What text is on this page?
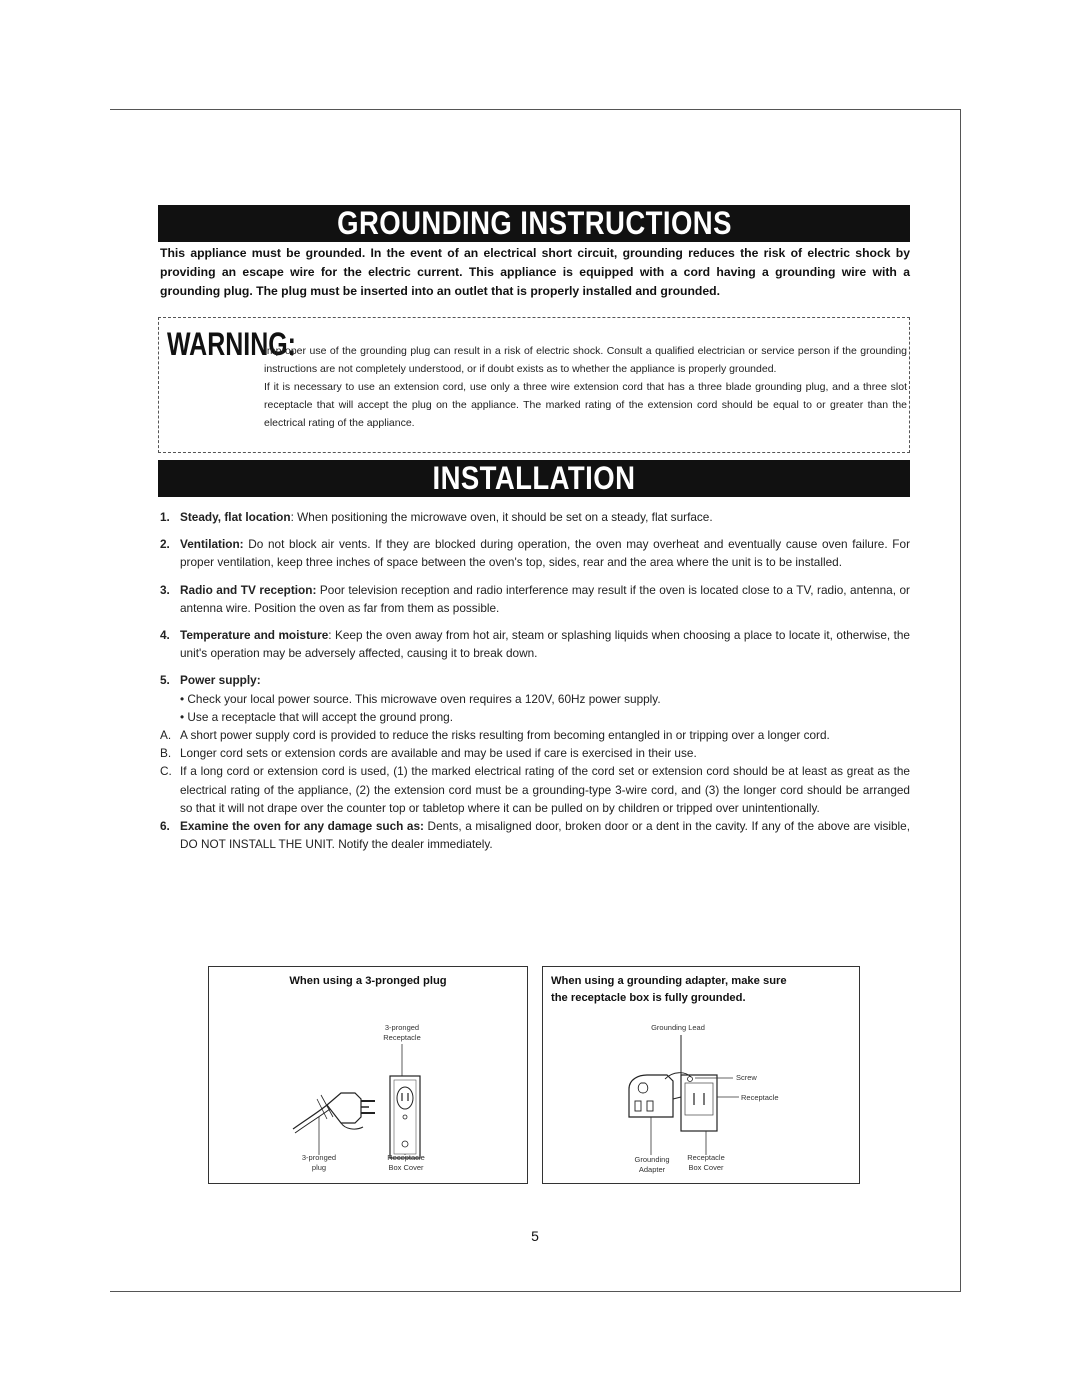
GROUNDING INSTRUCTIONS
This appliance must be grounded. In the event of an electrical short circuit, grounding reduces the risk of electric shock by providing an escape wire for the electric current. This appliance is equipped with a cord having a grounding wire with a grounding plug. The plug must be inserted into an outlet that is properly installed and grounded.
WARNING:

Improper use of the grounding plug can result in a risk of electric shock. Consult a qualified electrician or service person if the grounding instructions are not completely understood, or if doubt exists as to whether the appliance is properly grounded.

If it is necessary to use an extension cord, use only a three wire extension cord that has a three blade grounding plug, and a three slot receptacle that will accept the plug on the appliance. The marked rating of the extension cord should be equal to or greater than the electrical rating of the appliance.

INSTALLATION
1. Steady, flat location: When positioning the microwave oven, it should be set on a steady, flat surface.
2. Ventilation: Do not block air vents. If they are blocked during operation, the oven may overheat and eventually cause oven failure. For proper ventilation, keep three inches of space between the oven's top, sides, rear and the area where the unit is to be installed.
3. Radio and TV reception: Poor television reception and radio interference may result if the oven is located close to a TV, radio, antenna, or antenna wire. Position the oven as far from them as possible.
4. Temperature and moisture: Keep the oven away from hot air, steam or splashing liquids when choosing a place to locate it, otherwise, the unit's operation may be adversely affected, causing it to break down.
5. Power supply:
• Check your local power source. This microwave oven requires a 120V, 60Hz power supply.
• Use a receptacle that will accept the ground prong.
A. A short power supply cord is provided to reduce the risks resulting from becoming entangled in or tripping over a longer cord.
B. Longer cord sets or extension cords are available and may be used if care is exercised in their use.
C. If a long cord or extension cord is used, (1) the marked electrical rating of the cord set or extension cord should be at least as great as the electrical rating of the appliance, (2) the extension cord must be a grounding-type 3-wire cord, and (3) the longer cord should be arranged so that it will not drape over the counter top or tabletop where it can be pulled on by children or tripped over unintentionally.
6. Examine the oven for any damage such as: Dents, a misaligned door, broken door or a dent in the cavity. If any of the above are visible, DO NOT INSTALL THE UNIT. Notify the dealer immediately.
When using a 3-pronged plug
3-pronged
Receptacle
3-pronged
plug
Receptacle
Box Cover
When using a grounding adapter, make sure
the receptacle box is fully grounded.
Grounding Lead
Screw
Receptacle
Grounding
Adapter
Receptacle
Box Cover
5
